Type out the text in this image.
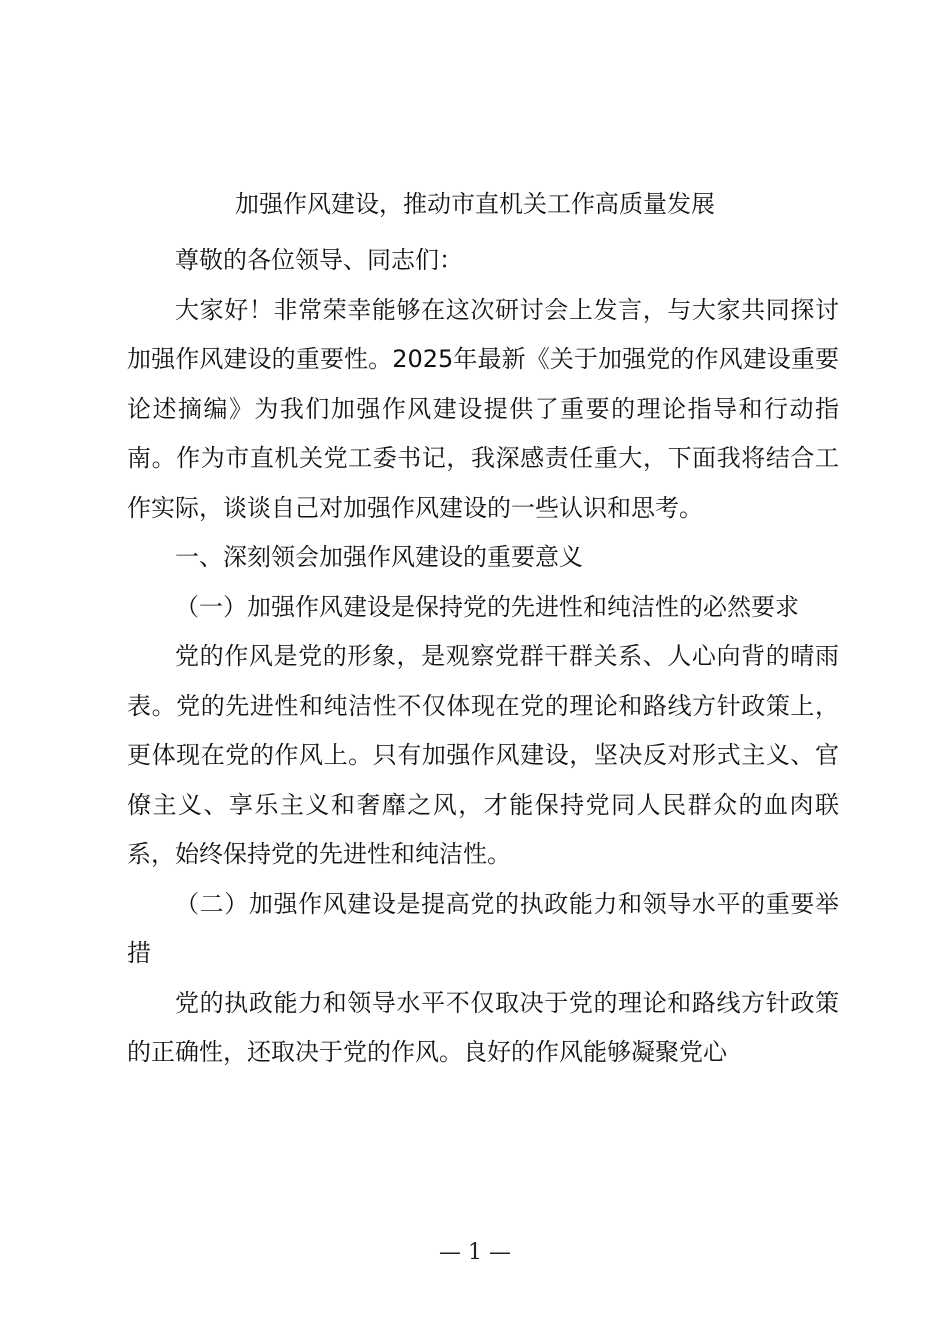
加强作风建设，推动市直机关工作高质量发展

尊敬的各位领导、同志们：

大家好！非常荣幸能够在这次研讨会上发言，与大家共同探讨加强作风建设的重要性。2025年最新《关于加强党的作风建设重要论述摘编》为我们加强作风建设提供了重要的理论指导和行动指南。作为市直机关党工委书记，我深感责任重大，下面我将结合工作实际，谈谈自己对加强作风建设的一些认识和思考。

一、深刻领会加强作风建设的重要意义

（一）加强作风建设是保持党的先进性和纯洁性的必然要求

党的作风是党的形象，是观察党群干群关系、人心向背的晴雨表。党的先进性和纯洁性不仅体现在党的理论和路线方针政策上，更体现在党的作风上。只有加强作风建设，坚决反对形式主义、官僚主义、享乐主义和奢靡之风，才能保持党同人民群众的血肉联系，始终保持党的先进性和纯洁性。

（二）加强作风建设是提高党的执政能力和领导水平的重要举措

党的执政能力和领导水平不仅取决于党的理论和路线方针政策的正确性，还取决于党的作风。良好的作风能够凝聚党心

— 1 —
